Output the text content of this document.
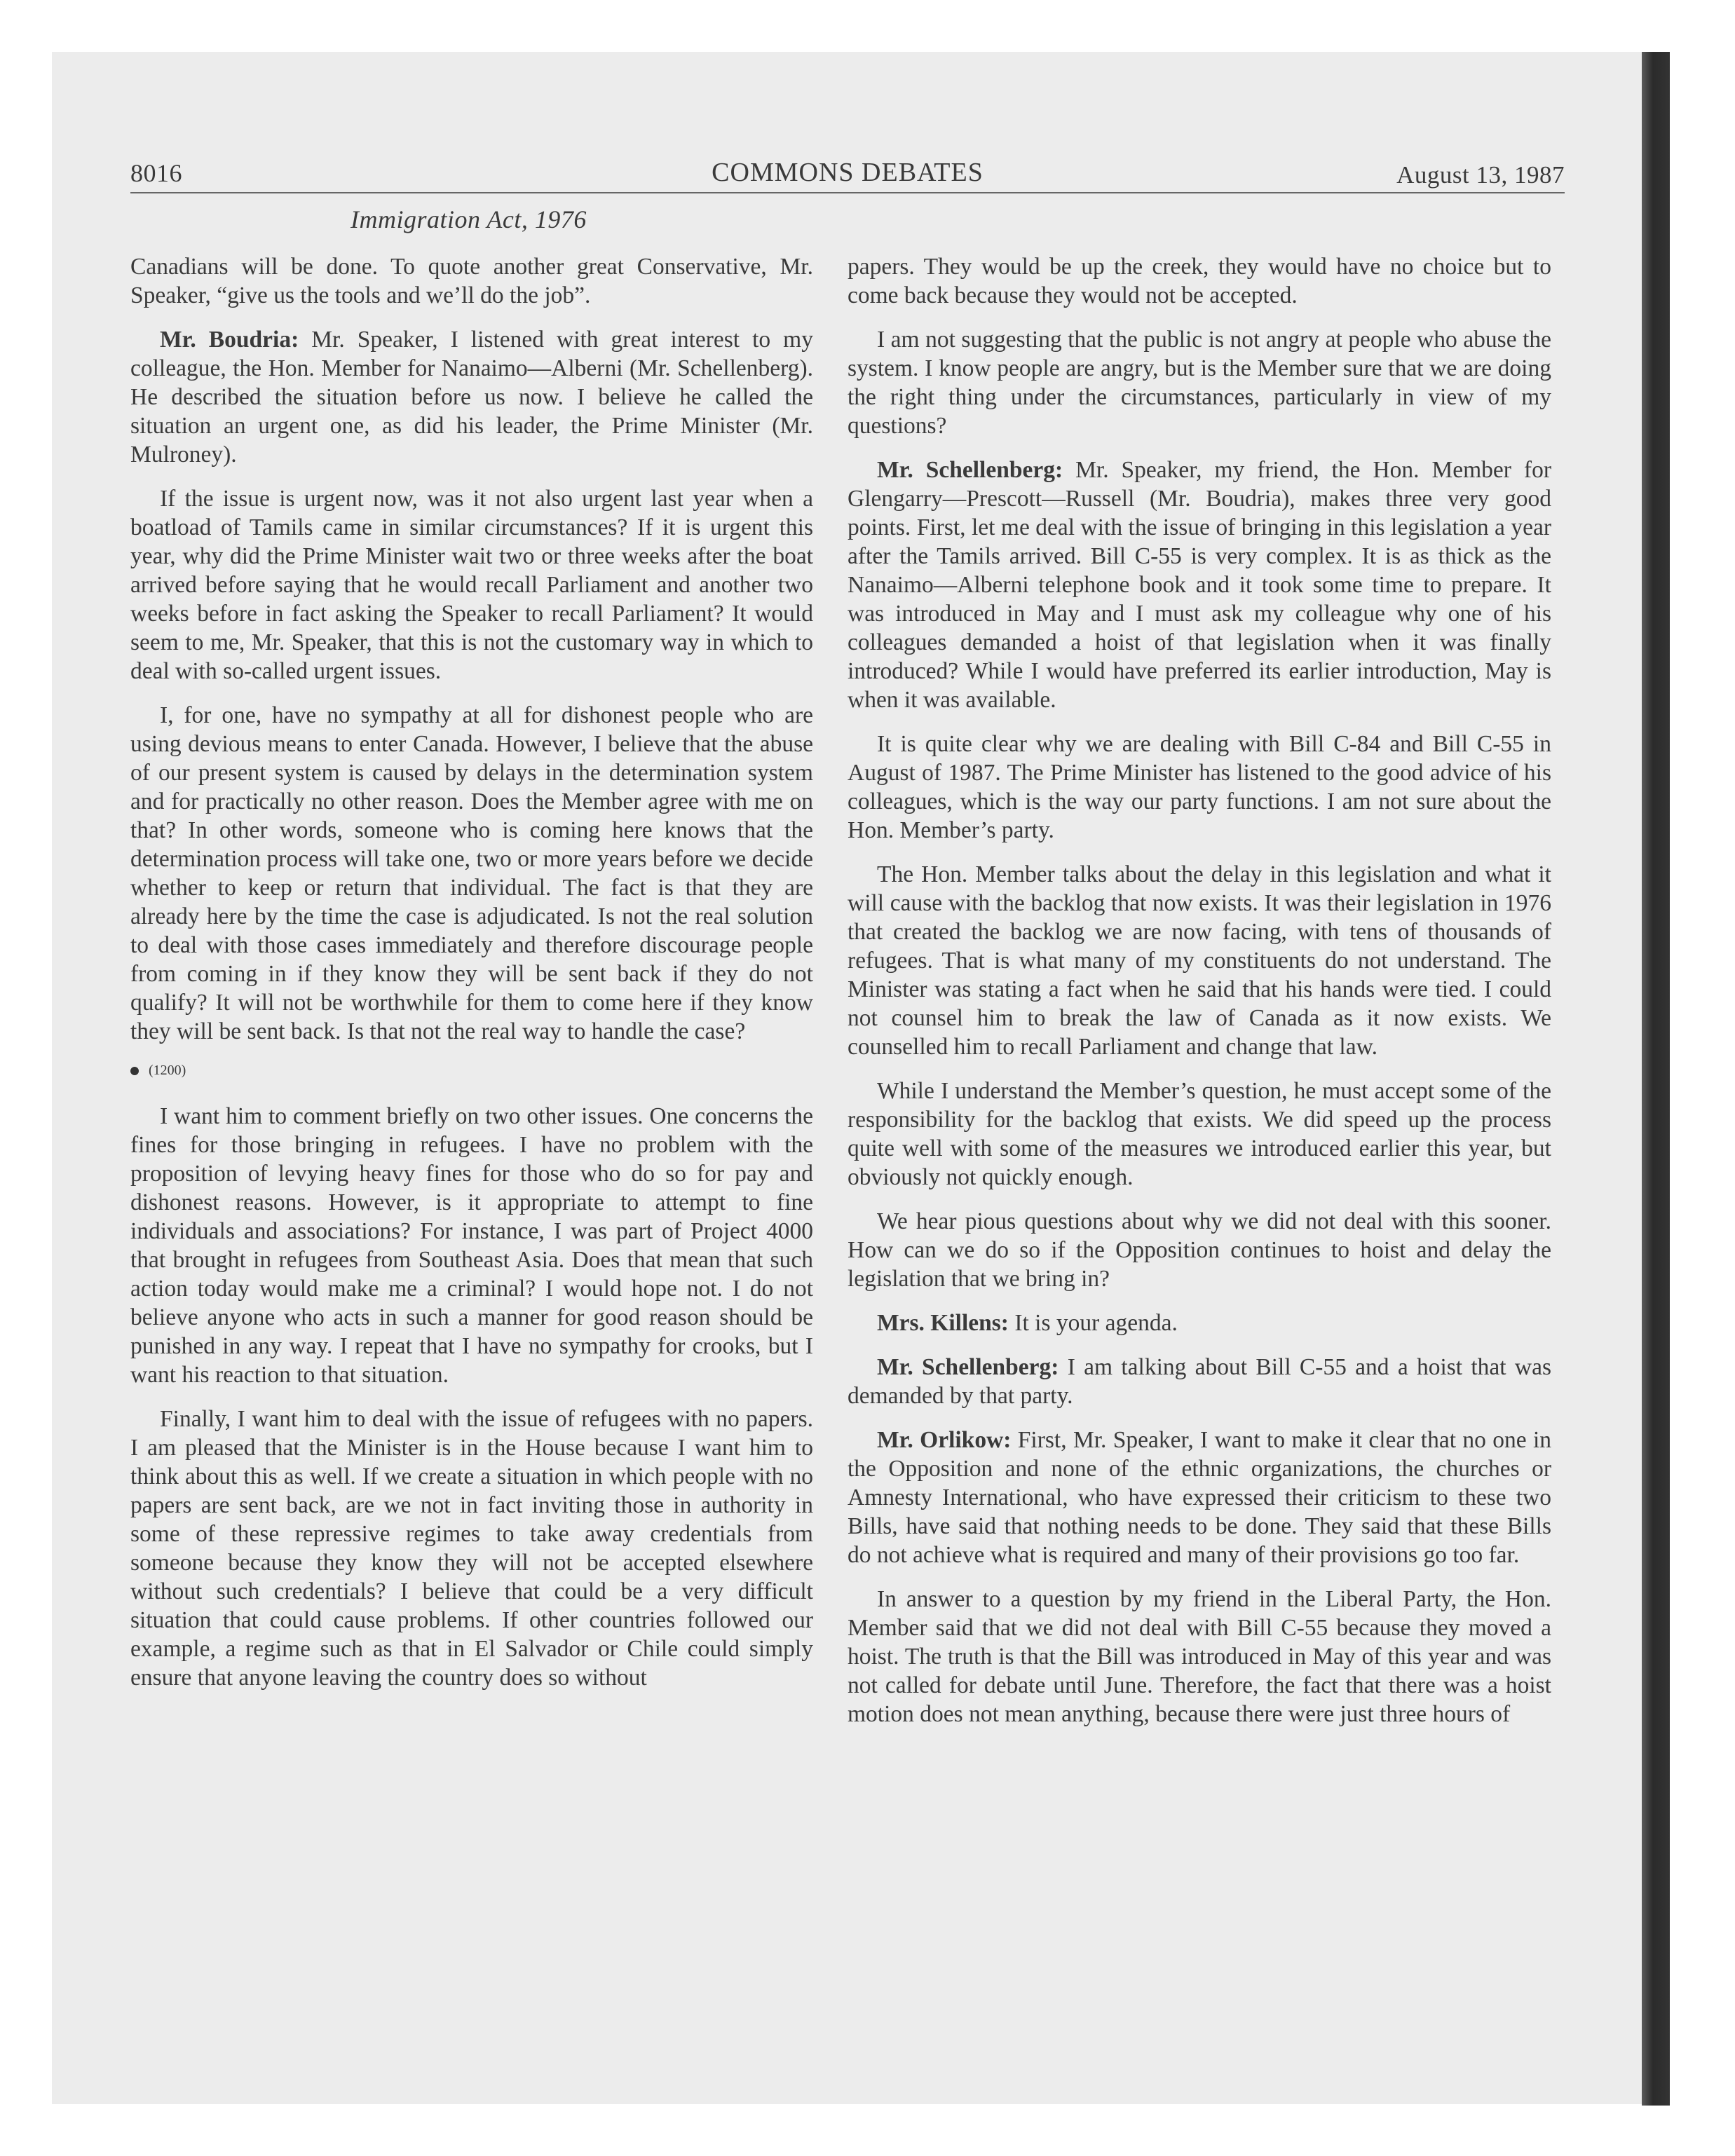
8016	COMMONS DEBATES	August 13, 1987
Immigration Act, 1976

Canadians will be done. To quote another great Conservative, Mr. Speaker, “give us the tools and we’ll do the job”.

Mr. Boudria: Mr. Speaker, I listened with great interest to my colleague, the Hon. Member for Nanaimo—Alberni (Mr. Schellenberg). He described the situation before us now. I believe he called the situation an urgent one, as did his leader, the Prime Minister (Mr. Mulroney).

If the issue is urgent now, was it not also urgent last year when a boatload of Tamils came in similar circumstances? If it is urgent this year, why did the Prime Minister wait two or three weeks after the boat arrived before saying that he would recall Parliament and another two weeks before in fact asking the Speaker to recall Parliament? It would seem to me, Mr. Speaker, that this is not the customary way in which to deal with so-called urgent issues.

I, for one, have no sympathy at all for dishonest people who are using devious means to enter Canada. However, I believe that the abuse of our present system is caused by delays in the determination system and for practically no other reason. Does the Member agree with me on that? In other words, someone who is coming here knows that the determination process will take one, two or more years before we decide whether to keep or return that individual. The fact is that they are already here by the time the case is adjudicated. Is not the real solution to deal with those cases immediately and therefore discourage people from coming in if they know they will be sent back if they do not qualify? It will not be worthwhile for them to come here if they know they will be sent back. Is that not the real way to handle the case?

(1200)

I want him to comment briefly on two other issues. One concerns the fines for those bringing in refugees. I have no problem with the proposition of levying heavy fines for those who do so for pay and dishonest reasons. However, is it appropriate to attempt to fine individuals and associations? For instance, I was part of Project 4000 that brought in refugees from Southeast Asia. Does that mean that such action today would make me a criminal? I would hope not. I do not believe anyone who acts in such a manner for good reason should be punished in any way. I repeat that I have no sympathy for crooks, but I want his reaction to that situation.

Finally, I want him to deal with the issue of refugees with no papers. I am pleased that the Minister is in the House because I want him to think about this as well. If we create a situation in which people with no papers are sent back, are we not in fact inviting those in authority in some of these repressive regimes to take away credentials from someone because they know they will not be accepted elsewhere without such credentials? I believe that could be a very difficult situation that could cause problems. If other countries followed our example, a regime such as that in El Salvador or Chile could simply ensure that anyone leaving the country does so without

papers. They would be up the creek, they would have no choice but to come back because they would not be accepted.

I am not suggesting that the public is not angry at people who abuse the system. I know people are angry, but is the Member sure that we are doing the right thing under the circumstances, particularly in view of my questions?

Mr. Schellenberg: Mr. Speaker, my friend, the Hon. Member for Glengarry—Prescott—Russell (Mr. Boudria), makes three very good points. First, let me deal with the issue of bringing in this legislation a year after the Tamils arrived. Bill C-55 is very complex. It is as thick as the Nanaimo—Alberni telephone book and it took some time to prepare. It was introduced in May and I must ask my colleague why one of his colleagues demanded a hoist of that legislation when it was finally introduced? While I would have preferred its earlier introduction, May is when it was available.

It is quite clear why we are dealing with Bill C-84 and Bill C-55 in August of 1987. The Prime Minister has listened to the good advice of his colleagues, which is the way our party functions. I am not sure about the Hon. Member’s party.

The Hon. Member talks about the delay in this legislation and what it will cause with the backlog that now exists. It was their legislation in 1976 that created the backlog we are now facing, with tens of thousands of refugees. That is what many of my constituents do not understand. The Minister was stating a fact when he said that his hands were tied. I could not counsel him to break the law of Canada as it now exists. We counselled him to recall Parliament and change that law.

While I understand the Member’s question, he must accept some of the responsibility for the backlog that exists. We did speed up the process quite well with some of the measures we introduced earlier this year, but obviously not quickly enough.

We hear pious questions about why we did not deal with this sooner. How can we do so if the Opposition continues to hoist and delay the legislation that we bring in?

Mrs. Killens: It is your agenda.

Mr. Schellenberg: I am talking about Bill C-55 and a hoist that was demanded by that party.

Mr. Orlikow: First, Mr. Speaker, I want to make it clear that no one in the Opposition and none of the ethnic organizations, the churches or Amnesty International, who have expressed their criticism to these two Bills, have said that nothing needs to be done. They said that these Bills do not achieve what is required and many of their provisions go too far.

In answer to a question by my friend in the Liberal Party, the Hon. Member said that we did not deal with Bill C-55 because they moved a hoist. The truth is that the Bill was introduced in May of this year and was not called for debate until June. Therefore, the fact that there was a hoist motion does not mean anything, because there were just three hours of
